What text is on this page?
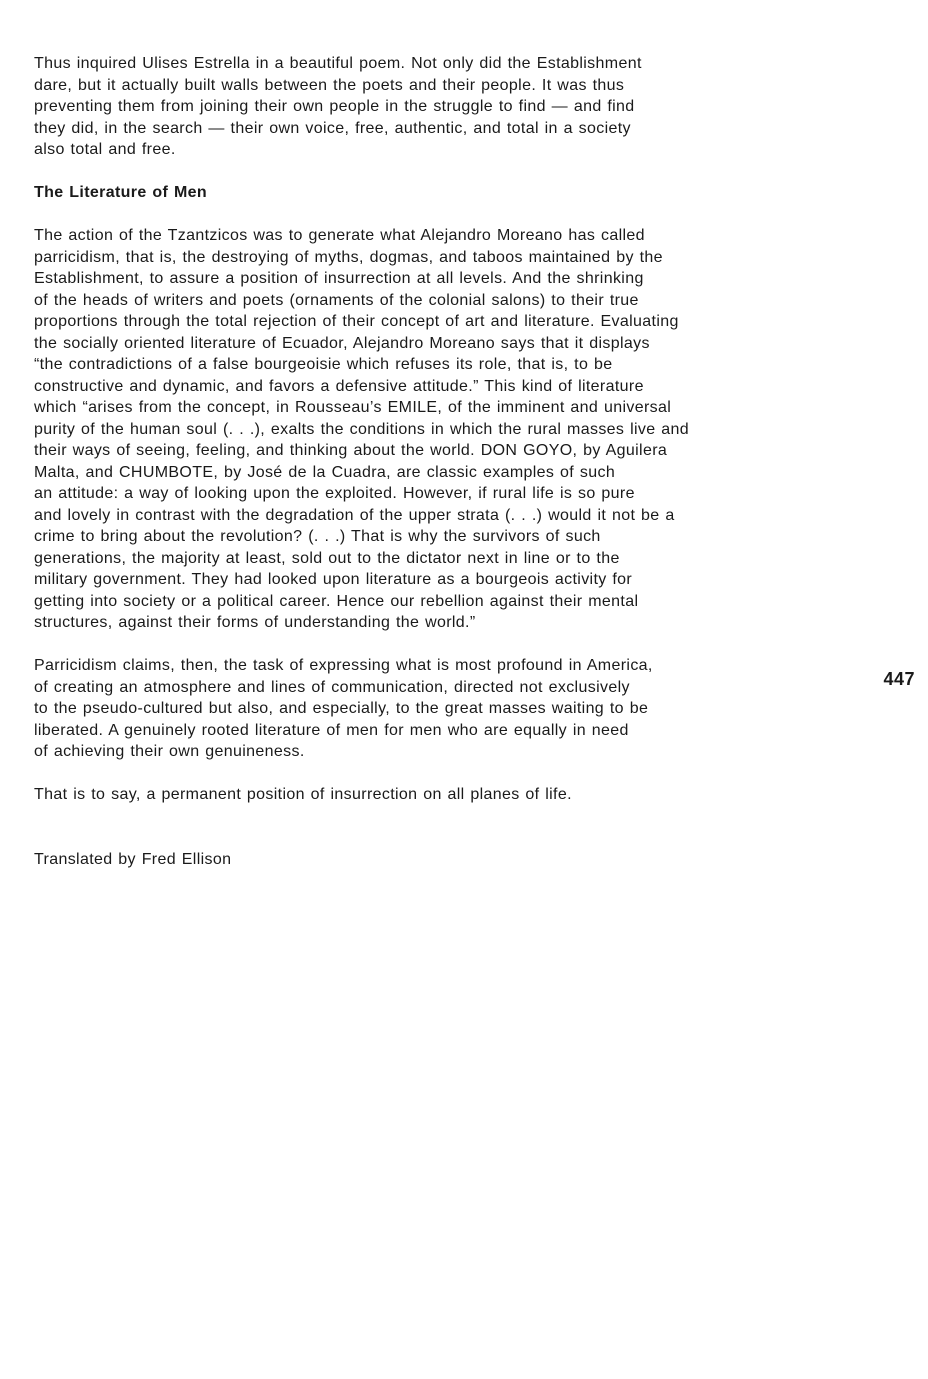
Thus inquired Ulises Estrella in a beautiful poem. Not only did the Establishment
dare, but it actually built walls between the poets and their people. It was thus
preventing them from joining their own people in the struggle to find — and find
they did, in the search — their own voice, free, authentic, and total in a society
also total and free.

The Literature of Men

The action of the Tzantzicos was to generate what Alejandro Moreano has called
parricidism, that is, the destroying of myths, dogmas, and taboos maintained by the
Establishment, to assure a position of insurrection at all levels. And the shrinking
of the heads of writers and poets (ornaments of the colonial salons) to their true
proportions through the total rejection of their concept of art and literature. Evaluating
the socially oriented literature of Ecuador, Alejandro Moreano says that it displays
“the contradictions of a false bourgeoisie which refuses its role, that is, to be
constructive and dynamic, and favors a defensive attitude.” This kind of literature
which “arises from the concept, in Rousseau’s EMILE, of the imminent and universal
purity of the human soul (. . .), exalts the conditions in which the rural masses live and
their ways of seeing, feeling, and thinking about the world. DON GOYO, by Aguilera
Malta, and CHUMBOTE, by José de la Cuadra, are classic examples of such
an attitude: a way of looking upon the exploited. However, if rural life is so pure
and lovely in contrast with the degradation of the upper strata (. . .) would it not be a
crime to bring about the revolution? (. . .) That is why the survivors of such
generations, the majority at least, sold out to the dictator next in line or to the
military government. They had looked upon literature as a bourgeois activity for
getting into society or a political career. Hence our rebellion against their mental
structures, against their forms of understanding the world.”

Parricidism claims, then, the task of expressing what is most profound in America,
of creating an atmosphere and lines of communication, directed not exclusively
to the pseudo-cultured but also, and especially, to the great masses waiting to be
liberated. A genuinely rooted literature of men for men who are equally in need
of achieving their own genuineness.

That is to say, a permanent position of insurrection on all planes of life.

Translated by Fred Ellison

447
